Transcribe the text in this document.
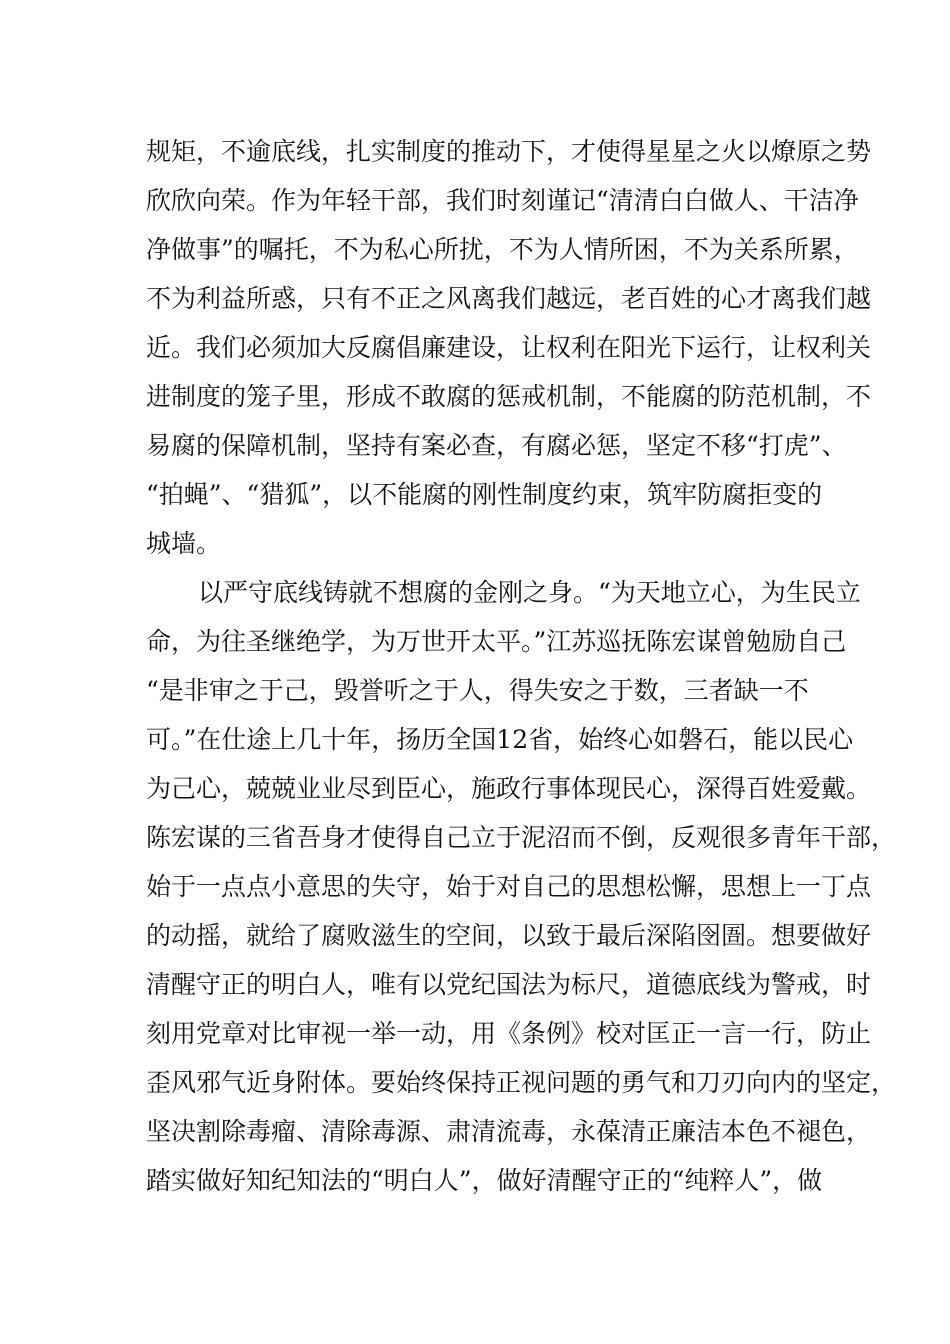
规矩，不逾底线，扎实制度的推动下，才使得星星之火以燎原之势
欣欣向荣。作为年轻干部，我们时刻谨记“清清白白做人、干洁净
净做事”的嘱托，不为私心所扰，不为人情所困，不为关系所累，
不为利益所惑，只有不正之风离我们越远，老百姓的心才离我们越
近。我们必须加大反腐倡廉建设，让权利在阳光下运行，让权利关
进制度的笼子里，形成不敢腐的惩戒机制，不能腐的防范机制，不
易腐的保障机制，坚持有案必查，有腐必惩，坚定不移“打虎”、
“拍蝇”、“猎狐”，以不能腐的刚性制度约束，筑牢防腐拒变的
城墙。
以严守底线铸就不想腐的金刚之身。“为天地立心，为生民立
命，为往圣继绝学，为万世开太平。”江苏巡抚陈宏谋曾勉励自己
“是非审之于己，毁誉听之于人，得失安之于数，三者缺一不
可。”在仕途上几十年，扬历全国12省，始终心如磐石，能以民心
为己心，兢兢业业尽到臣心，施政行事体现民心，深得百姓爱戴。
陈宏谋的三省吾身才使得自己立于泥沼而不倒，反观很多青年干部，
始于一点点小意思的失守，始于对自己的思想松懈，思想上一丁点
的动摇，就给了腐败滋生的空间，以致于最后深陷囹圄。想要做好
清醒守正的明白人，唯有以党纪国法为标尺，道德底线为警戒，时
刻用党章对比审视一举一动，用《条例》校对匡正一言一行，防止
歪风邪气近身附体。要始终保持正视问题的勇气和刀刃向内的坚定，
坚决割除毒瘤、清除毒源、肃清流毒，永葆清正廉洁本色不褪色，
踏实做好知纪知法的“明白人”，做好清醒守正的“纯粹人”，做
